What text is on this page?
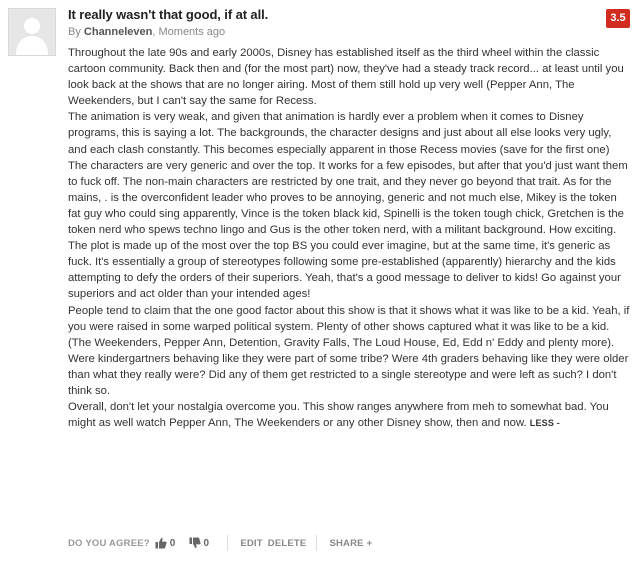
It really wasn't that good, if at all.	3.5
By Channeleven, Moments ago

Throughout the late 90s and early 2000s, Disney has established itself as the third wheel within the classic cartoon community. Back then and (for the most part) now, they've had a steady track record... at least until you look back at the shows that are no longer airing. Most of them still hold up very well (Pepper Ann, The Weekenders, but I can't say the same for Recess.

The animation is very weak, and given that animation is hardly ever a problem when it comes to Disney programs, this is saying a lot. The backgrounds, the character designs and just about all else looks very ugly, and each clash constantly. This becomes especially apparent in those Recess movies (save for the first one)

The characters are very generic and over the top. It works for a few episodes, but after that you'd just want them to fuck off. The non-main characters are restricted by one trait, and they never go beyond that trait. As for the mains, . is the overconfident leader who proves to be annoying, generic and not much else, Mikey is the token fat guy who could sing apparently, Vince is the token black kid, Spinelli is the token tough chick, Gretchen is the token nerd who spews techno lingo and Gus is the other token nerd, with a militant background. How exciting.

The plot is made up of the most over the top BS you could ever imagine, but at the same time, it's generic as fuck. It's essentially a group of stereotypes following some pre-established (apparently) hierarchy and the kids attempting to defy the orders of their superiors. Yeah, that's a good message to deliver to kids! Go against your superiors and act older than your intended ages!

People tend to claim that the one good factor about this show is that it shows what it was like to be a kid. Yeah, if you were raised in some warped political system. Plenty of other shows captured what it was like to be a kid. (The Weekenders, Pepper Ann, Detention, Gravity Falls, The Loud House, Ed, Edd n' Eddy and plenty more). Were kindergartners behaving like they were part of some tribe? Were 4th graders behaving like they were older than what they really were? Did any of them get restricted to a single stereotype and were left as such? I don't think so.

Overall, don't let your nostalgia overcome you. This show ranges anywhere from meh to somewhat bad. You might as well watch Pepper Ann, The Weekenders or any other Disney show, then and now. LESS -

DO YOU AGREE? 0	0	EDIT DELETE SHARE +
